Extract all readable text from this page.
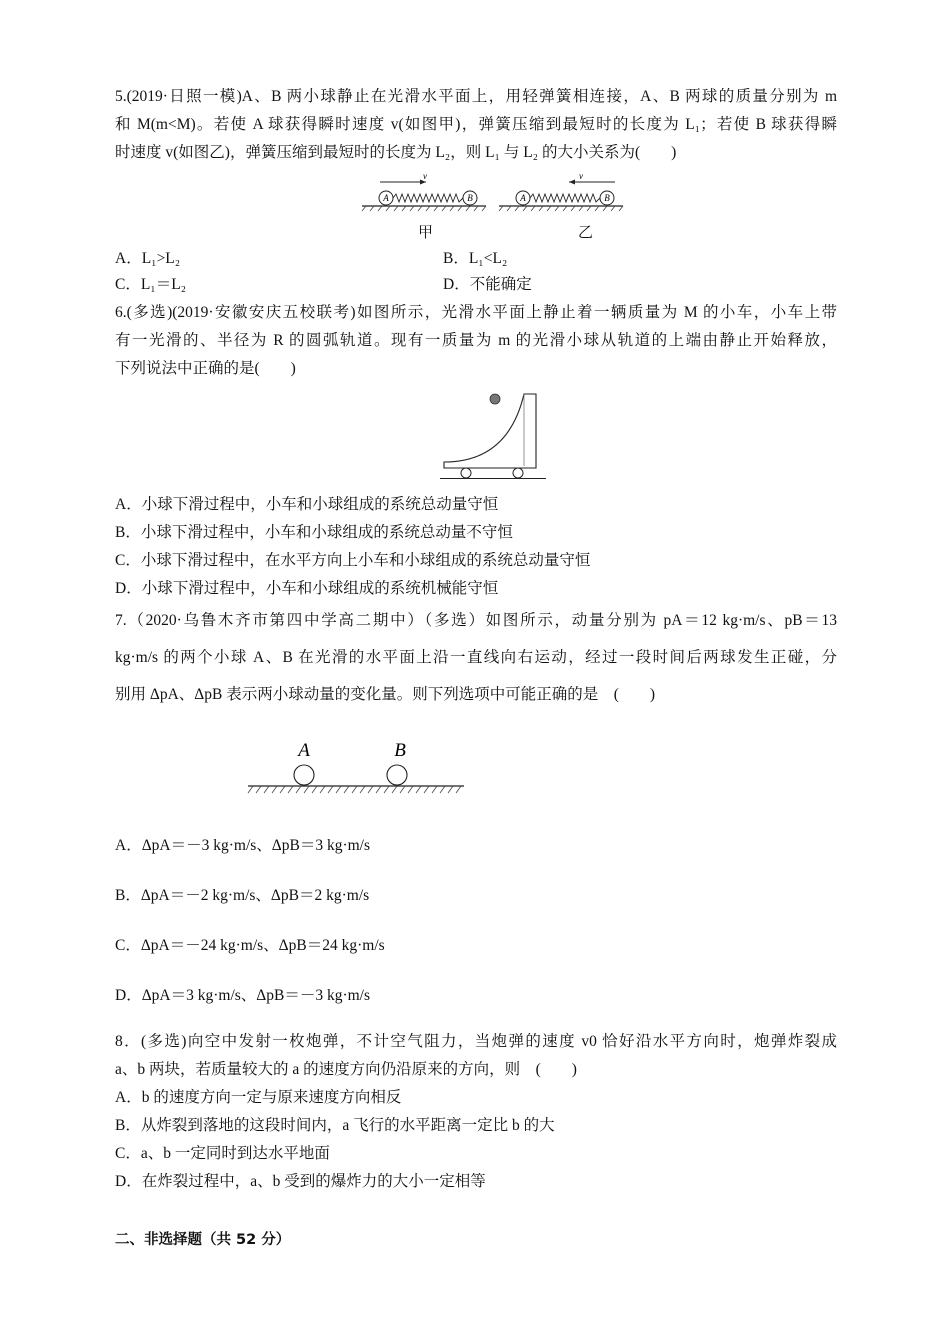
5.(2019·日照一模)A、B 两小球静止在光滑水平面上，用轻弹簧相连接，A、B 两球的质量分别为 m
和 M(m<M)。若使 A 球获得瞬时速度 v(如图甲)，弹簧压缩到最短时的长度为 L₁；若使 B 球获得瞬
时速度 v(如图乙)，弹簧压缩到最短时的长度为 L₂，则 L₁ 与 L₂ 的大小关系为(　　)
A	B
v
A	B
v
甲	乙
A．L₁>L₂	B．L₁<L₂
C．L₁＝L₂	D．不能确定
6.(多选)(2019·安徽安庆五校联考)如图所示，光滑水平面上静止着一辆质量为 M 的小车，小车上带
有一光滑的、半径为 R 的圆弧轨道。现有一质量为 m 的光滑小球从轨道的上端由静止开始释放，
下列说法中正确的是(　　)
A．小球下滑过程中，小车和小球组成的系统总动量守恒
B．小球下滑过程中，小车和小球组成的系统总动量不守恒
C．小球下滑过程中，在水平方向上小车和小球组成的系统总动量守恒
D．小球下滑过程中，小车和小球组成的系统机械能守恒
7.（2020·乌鲁木齐市第四中学高二期中）（多选）如图所示，动量分别为 pA＝12 kg·m/s、pB＝13
kg·m/s 的两个小球 A、B 在光滑的水平面上沿一直线向右运动，经过一段时间后两球发生正碰，分
别用 ΔpA、ΔpB 表示两小球动量的变化量。则下列选项中可能正确的是　(　　)
A	B
A．ΔpA＝－3 kg·m/s、ΔpB＝3 kg·m/s
B．ΔpA＝－2 kg·m/s、ΔpB＝2 kg·m/s
C．ΔpA＝－24 kg·m/s、ΔpB＝24 kg·m/s
D．ΔpA＝3 kg·m/s、ΔpB＝－3 kg·m/s
8．(多选)向空中发射一枚炮弹，不计空气阻力，当炮弹的速度 v0 恰好沿水平方向时，炮弹炸裂成
a、b 两块，若质量较大的 a 的速度方向仍沿原来的方向，则　(　　)
A．b 的速度方向一定与原来速度方向相反
B．从炸裂到落地的这段时间内，a 飞行的水平距离一定比 b 的大
C．a、b 一定同时到达水平地面
D．在炸裂过程中，a、b 受到的爆炸力的大小一定相等
二、非选择题（共 52 分）
